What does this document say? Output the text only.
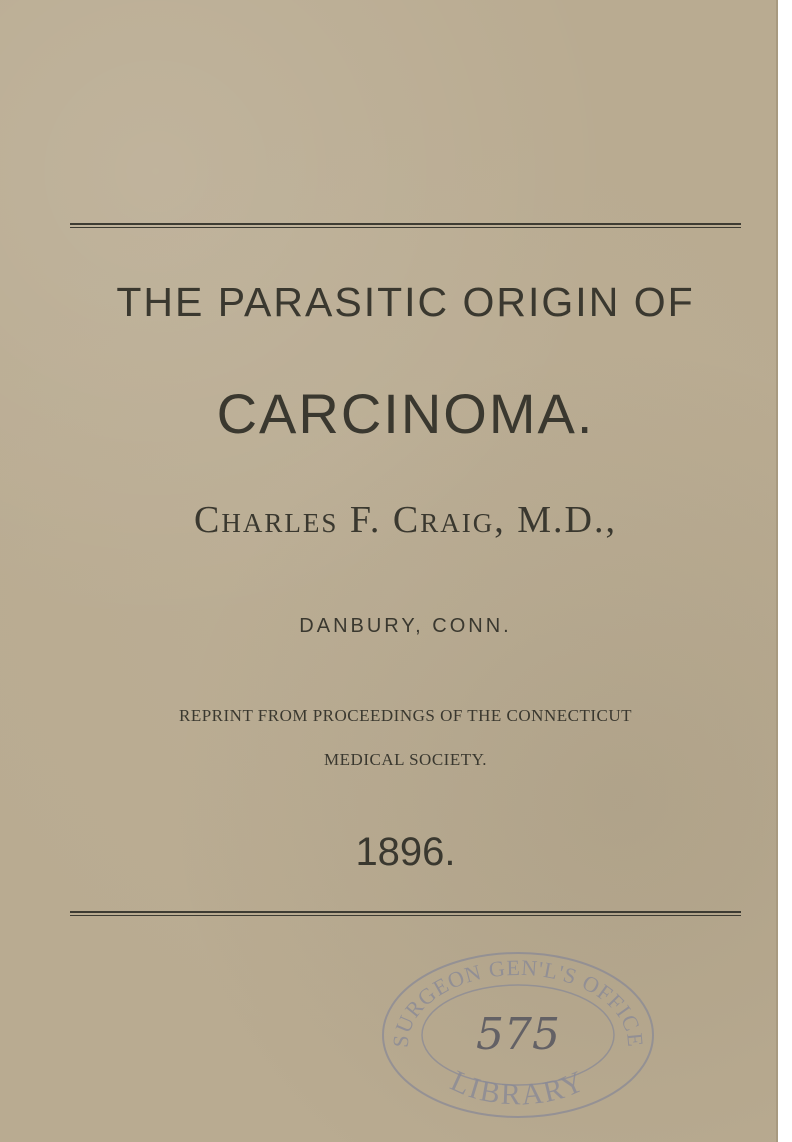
THE PARASITIC ORIGIN OF
CARCINOMA.
Charles F. Craig, M.D.,
DANBURY, CONN.
REPRINT FROM PROCEEDINGS OF THE CONNECTICUT
MEDICAL SOCIETY.
1896.
SURGEON GEN'L'S OFFICE
LIBRARY
575
